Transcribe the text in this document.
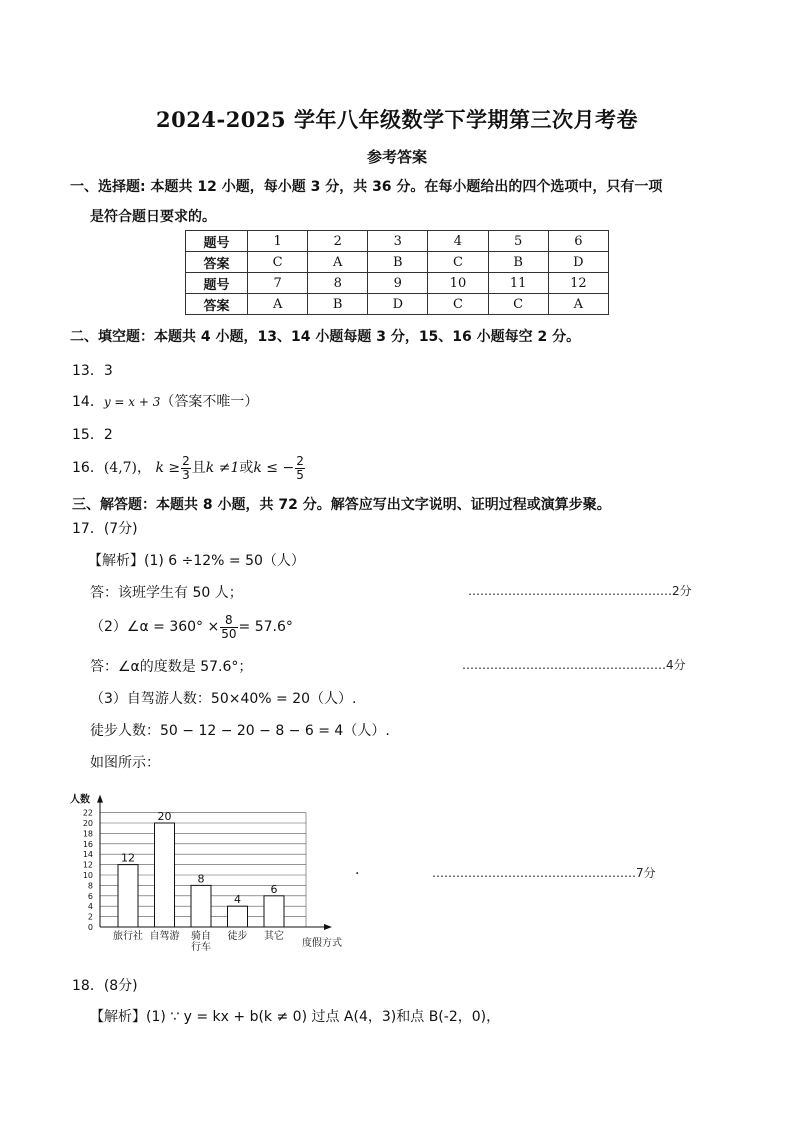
2024-2025 学年八年级数学下学期第三次月考卷
参考答案
一、选择题: 本题共 12 小题，每小题 3 分，共 36 分。在每小题给出的四个选项中，只有一项
是符合题日要求的。
题号	1	2	3	4	5	6
答案	C	A	B	C	B	D
题号	7	8	9	10	11	12
答案	A	B	D	C	C	A
二、填空题：本题共 4 小题，13、14 小题每题 3 分，15、16 小题每空 2 分。
13．3
14．y = x + 3（答案不唯一）
15．2
16．(4,7)， $k \ge \frac{2}{3}$ 且k ≠1或k ≤ − $\frac{2}{5}$
三、解答题：本题共 8 小题，共 72 分。解答应写出文字说明、证明过程或演算步聚。
17．(7分)
【解析】(1) 6 ÷12% = 50（人）
答：该班学生有 50 人；	……………………………………………2分
（2）∠α = $360^\circ \times \frac{8}{50} = 57.6^\circ$
答：∠α的度数是 57.6°；	……………………………………………4分
（3）自驾游人数：50×40% = 20（人）.
徒步人数：50 − 12 − 20 − 8 − 6 = 4（人）.
如图所示：
0
2
4
6
8
10
12
14
16
18
20
22
人数
度假方式
12
旅行社
20
自驾游
8
骑自
行车
4
徒步
6
其它
.	……………………………………………7分
18．(8分)
【解析】(1) ∵ y = kx + b(k ≠ 0) 过点 A(4，3)和点 B(-2，0)，
